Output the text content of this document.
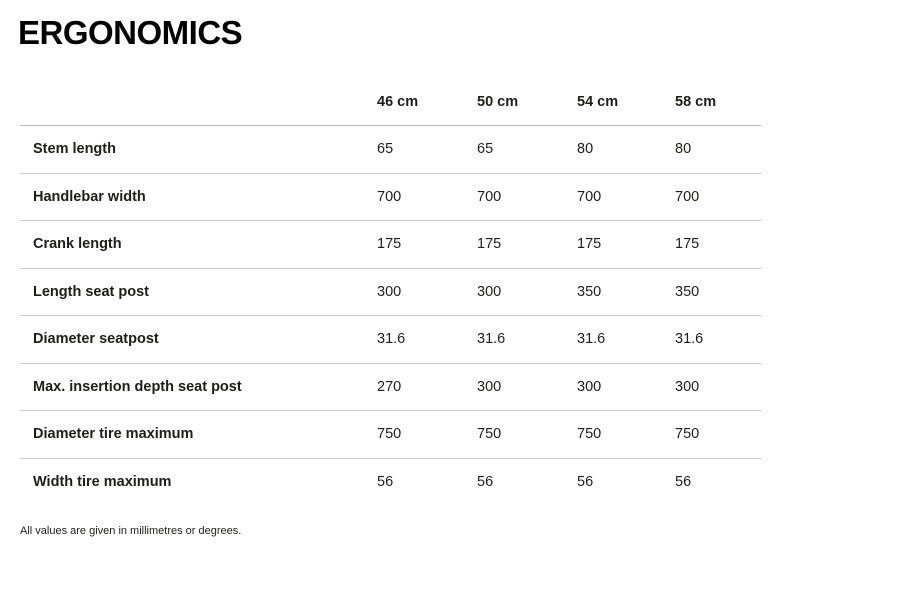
ERGONOMICS
	46 cm	50 cm	54 cm	58 cm
Stem length	65	65	80	80
Handlebar width	700	700	700	700
Crank length	175	175	175	175
Length seat post	300	300	350	350
Diameter seatpost	31.6	31.6	31.6	31.6
Max. insertion depth seat post	270	300	300	300
Diameter tire maximum	750	750	750	750
Width tire maximum	56	56	56	56

All values are given in millimetres or degrees.
